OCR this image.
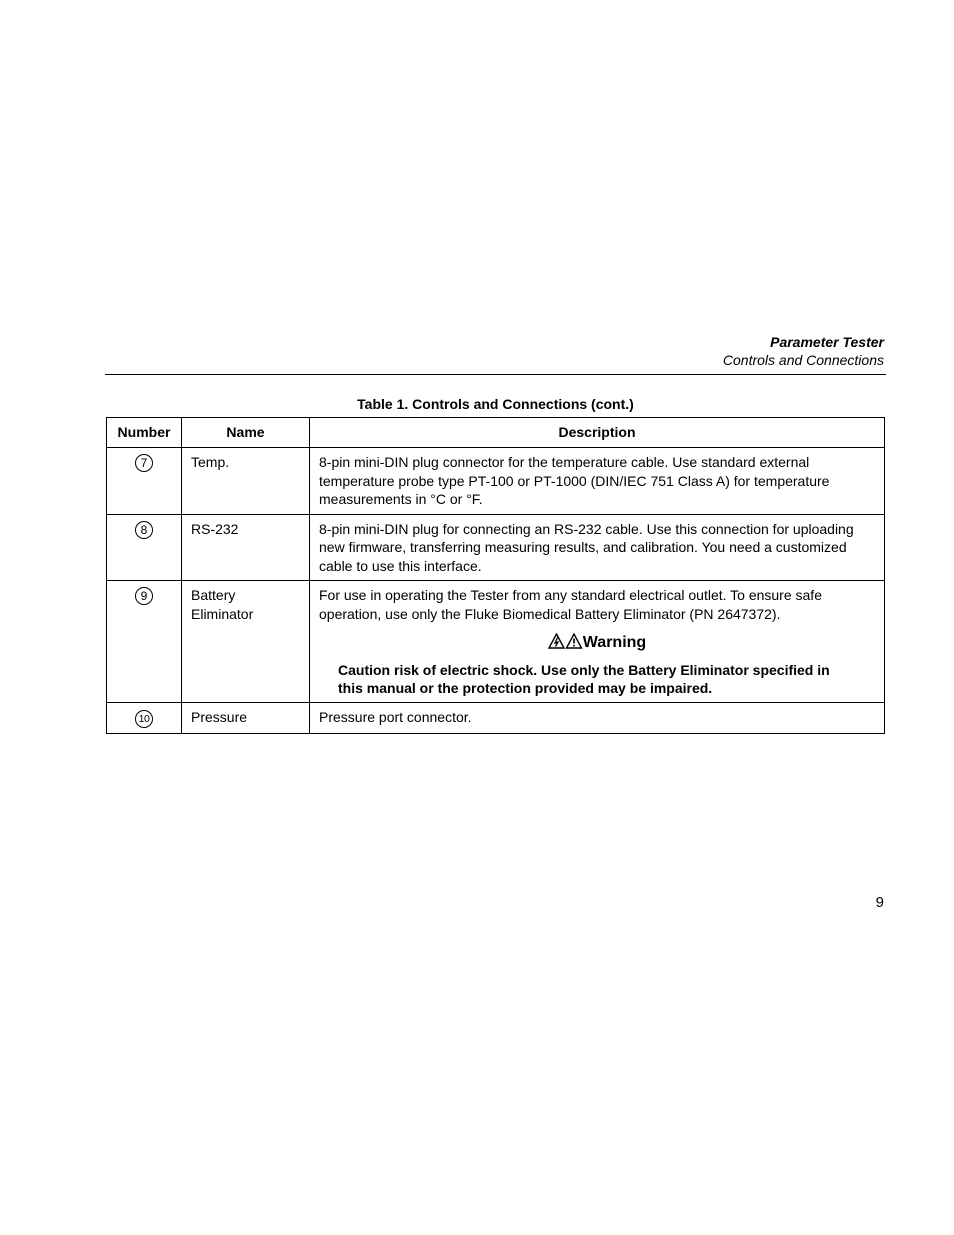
Parameter Tester
Controls and Connections
Table 1. Controls and Connections (cont.)
Number	Name	Description
7	Temp.	8-pin mini-DIN plug connector for the temperature cable. Use standard external temperature probe type PT-100 or PT-1000 (DIN/IEC 751 Class A) for temperature measurements in °C or °F.
8	RS-232	8-pin mini-DIN plug for connecting an RS-232 cable. Use this connection for uploading new firmware, transferring measuring results, and calibration. You need a customized cable to use this interface.
9	Battery Eliminator	For use in operating the Tester from any standard electrical outlet. To ensure safe operation, use only the Fluke Biomedical Battery Eliminator (PN 2647372).
Warning
Caution risk of electric shock. Use only the Battery Eliminator specified in this manual or the protection provided may be impaired.

10	Pressure	Pressure port connector.
9
